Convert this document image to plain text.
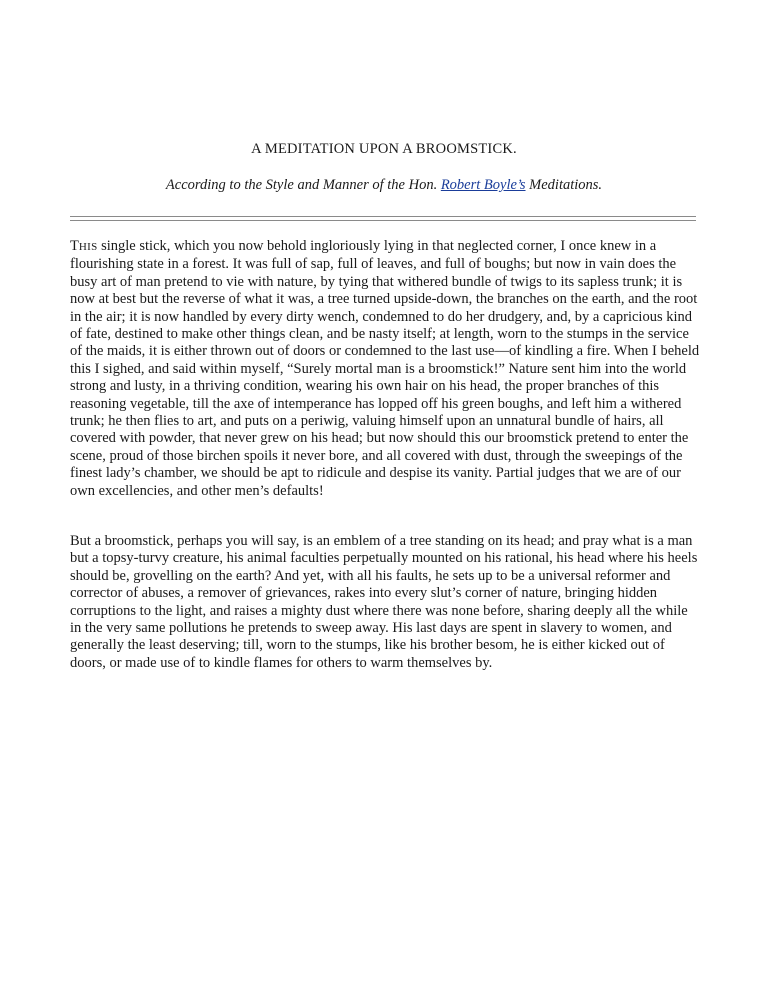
A MEDITATION UPON A BROOMSTICK.
According to the Style and Manner of the Hon. Robert Boyle’s Meditations.

THIS single stick, which you now behold ingloriously lying in that neglected corner, I once knew in a flourishing state in a forest. It was full of sap, full of leaves, and full of boughs; but now in vain does the busy art of man pretend to vie with nature, by tying that withered bundle of twigs to its sapless trunk; it is now at best but the reverse of what it was, a tree turned upside-down, the branches on the earth, and the root in the air; it is now handled by every dirty wench, condemned to do her drudgery, and, by a capricious kind of fate, destined to make other things clean, and be nasty itself; at length, worn to the stumps in the service of the maids, it is either thrown out of doors or condemned to the last use—of kindling a fire. When I beheld this I sighed, and said within myself, “Surely mortal man is a broomstick!” Nature sent him into the world strong and lusty, in a thriving condition, wearing his own hair on his head, the proper branches of this reasoning vegetable, till the axe of intemperance has lopped off his green boughs, and left him a withered trunk; he then flies to art, and puts on a periwig, valuing himself upon an unnatural bundle of hairs, all covered with powder, that never grew on his head; but now should this our broomstick pretend to enter the scene, proud of those birchen spoils it never bore, and all covered with dust, through the sweepings of the finest lady’s chamber, we should be apt to ridicule and despise its vanity. Partial judges that we are of our own excellencies, and other men’s defaults!

But a broomstick, perhaps you will say, is an emblem of a tree standing on its head; and pray what is a man but a topsy-turvy creature, his animal faculties perpetually mounted on his rational, his head where his heels should be, grovelling on the earth? And yet, with all his faults, he sets up to be a universal reformer and corrector of abuses, a remover of grievances, rakes into every slut’s corner of nature, bringing hidden corruptions to the light, and raises a mighty dust where there was none before, sharing deeply all the while in the very same pollutions he pretends to sweep away. His last days are spent in slavery to women, and generally the least deserving; till, worn to the stumps, like his brother besom, he is either kicked out of doors, or made use of to kindle flames for others to warm themselves by.
